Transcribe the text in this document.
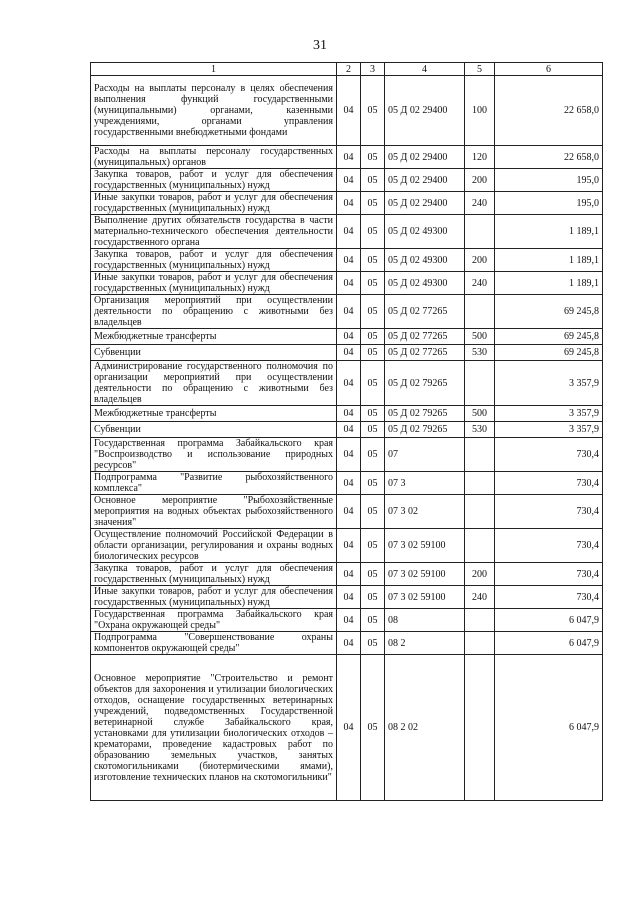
31
1	2	3	4	5	6
Расходы на выплаты персоналу в целях обеспечения выполнения функций государственными (муниципальными) органами, казенными учреждениями, органами управления государственными внебюджетными фондами	04	05	05 Д 02 29400	100	22 658,0
Расходы на выплаты персоналу государственных (муниципальных) органов	04	05	05 Д 02 29400	120	22 658,0
Закупка товаров, работ и услуг для обеспечения государственных (муниципальных) нужд	04	05	05 Д 02 29400	200	195,0
Иные закупки товаров, работ и услуг для обеспечения государственных (муниципальных) нужд	04	05	05 Д 02 29400	240	195,0
Выполнение других обязательств государства в части материально-технического обеспечения деятельности государственного органа	04	05	05 Д 02 49300		1 189,1
Закупка товаров, работ и услуг для обеспечения государственных (муниципальных) нужд	04	05	05 Д 02 49300	200	1 189,1
Иные закупки товаров, работ и услуг для обеспечения государственных (муниципальных) нужд	04	05	05 Д 02 49300	240	1 189,1
Организация мероприятий при осуществлении деятельности по обращению с животными без владельцев	04	05	05 Д 02 77265		69 245,8
Межбюджетные трансферты	04	05	05 Д 02 77265	500	69 245,8
Субвенции	04	05	05 Д 02 77265	530	69 245,8
Администрирование государственного полномочия по организации мероприятий при осуществлении деятельности по обращению с животными без владельцев	04	05	05 Д 02 79265		3 357,9
Межбюджетные трансферты	04	05	05 Д 02 79265	500	3 357,9
Субвенции	04	05	05 Д 02 79265	530	3 357,9
Государственная программа Забайкальского края "Воспроизводство и использование природных ресурсов"	04	05	07		730,4
Подпрограмма "Развитие рыбохозяйственного комплекса"	04	05	07 3		730,4
Основное мероприятие "Рыбохозяйственные мероприятия на водных объектах рыбохозяйственного значения"	04	05	07 3 02		730,4
Осуществление полномочий Российской Федерации в области организации, регулирования и охраны водных биологических ресурсов	04	05	07 3 02 59100		730,4
Закупка товаров, работ и услуг для обеспечения государственных (муниципальных) нужд	04	05	07 3 02 59100	200	730,4
Иные закупки товаров, работ и услуг для обеспечения государственных (муниципальных) нужд	04	05	07 3 02 59100	240	730,4
Государственная программа Забайкальского края "Охрана окружающей среды"	04	05	08		6 047,9
Подпрограмма "Совершенствование охраны компонентов окружающей среды"	04	05	08 2		6 047,9
Основное мероприятие "Строительство и ремонт объектов для захоронения и утилизации биологических отходов, оснащение государственных ветеринарных учреждений, подведомственных Государственной ветеринарной службе Забайкальского края, установками для утилизации биологических отходов – крематорами, проведение кадастровых работ по образованию земельных участков, занятых скотомогильниками (биотермическими ямами), изготовление технических планов на скотомогильники"	04	05	08 2 02		6 047,9
